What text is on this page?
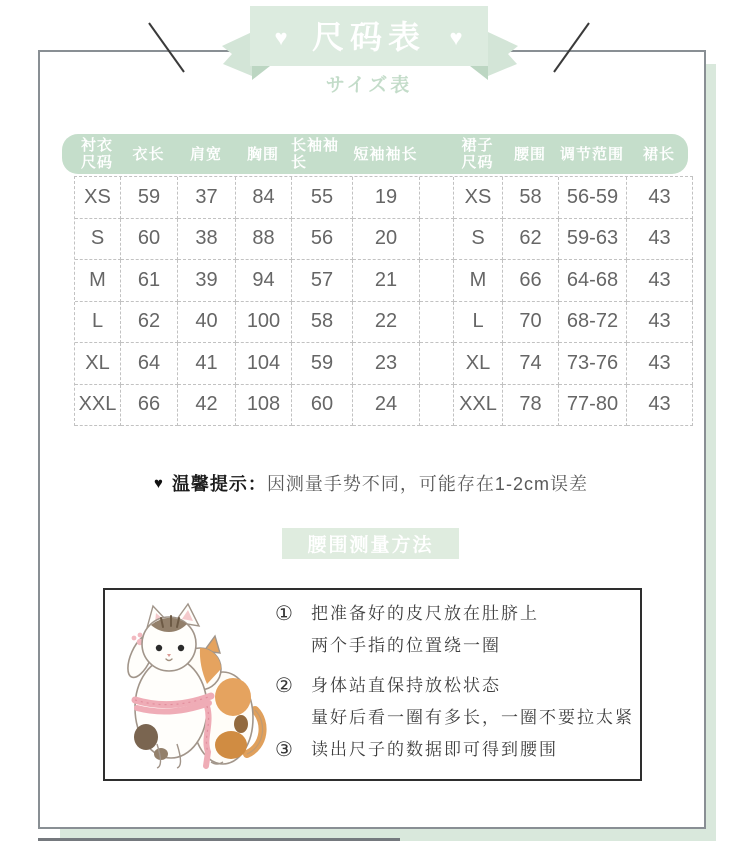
♥ 尺码表 ♥
サイズ表
衬衣
尺码 衣长 肩宽 胸围 长袖袖长	短袖袖长	裙子
尺码 腰围 调节范围 裙长
XS	59	37	84	55	19	XS	58	56-59	43
S	60	38	88	56	20	S	62	59-63	43
M	61	39	94	57	21	M	66	64-68	43
L	62	40	100	58	22	L	70	68-72	43
XL	64	41	104	59	23	XL	74	73-76	43
XXL	66	42	108	60	24	XXL	78	77-80	43
♥ 温馨提示： 因测量手势不同，可能存在1-2cm误差
腰围测量方法
①	把准备好的皮尺放在肚脐上
两个手指的位置绕一圈
②	身体站直保持放松状态
量好后看一圈有多长，一圈不要拉太紧
③	读出尺子的数据即可得到腰围
